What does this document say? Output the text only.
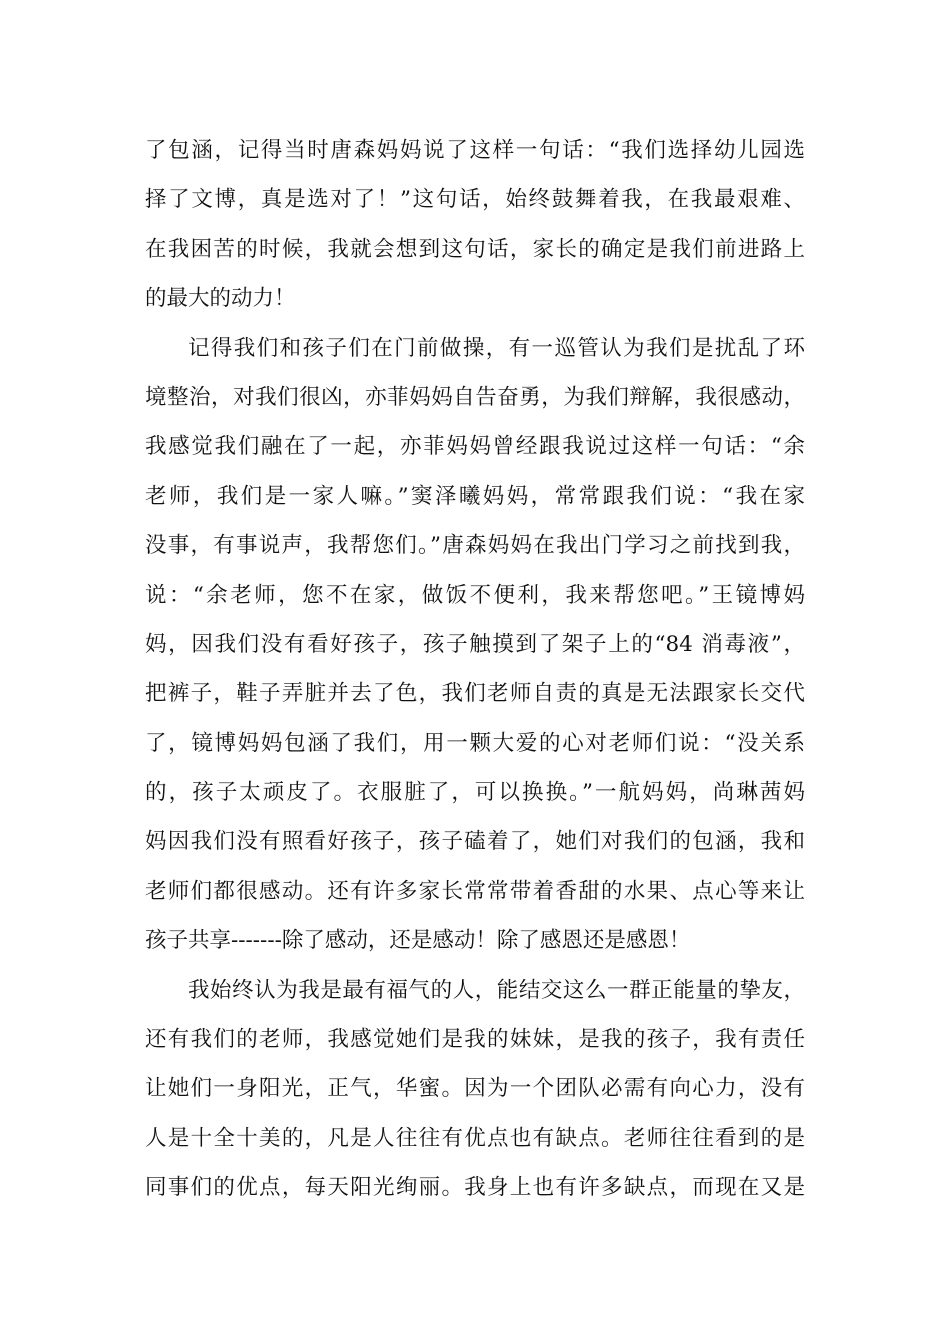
了包涵，记得当时唐森妈妈说了这样一句话：“我们选择幼儿园选
择了文博，真是选对了！”这句话，始终鼓舞着我，在我最艰难、
在我困苦的时候，我就会想到这句话，家长的确定是我们前进路上
的最大的动力！
记得我们和孩子们在门前做操，有一巡管认为我们是扰乱了环
境整治，对我们很凶，亦菲妈妈自告奋勇，为我们辩解，我很感动，
我感觉我们融在了一起，亦菲妈妈曾经跟我说过这样一句话：“余
老师，我们是一家人嘛。”窦泽曦妈妈，常常跟我们说：“我在家
没事，有事说声，我帮您们。”唐森妈妈在我出门学习之前找到我，
说：“余老师，您不在家，做饭不便利，我来帮您吧。”王镜博妈
妈，因我们没有看好孩子，孩子触摸到了架子上的“84 消毒液”，
把裤子，鞋子弄脏并去了色，我们老师自责的真是无法跟家长交代
了，镜博妈妈包涵了我们，用一颗大爱的心对老师们说：“没关系
的，孩子太顽皮了。衣服脏了，可以换换。”一航妈妈，尚琳茜妈
妈因我们没有照看好孩子，孩子磕着了，她们对我们的包涵，我和
老师们都很感动。还有许多家长常常带着香甜的水果、点心等来让
孩子共享-------除了感动，还是感动！除了感恩还是感恩！
我始终认为我是最有福气的人，能结交这么一群正能量的挚友，
还有我们的老师，我感觉她们是我的妹妹，是我的孩子，我有责任
让她们一身阳光，正气，华蜜。因为一个团队必需有向心力，没有
人是十全十美的，凡是人往往有优点也有缺点。老师往往看到的是
同事们的优点，每天阳光绚丽。我身上也有许多缺点，而现在又是
